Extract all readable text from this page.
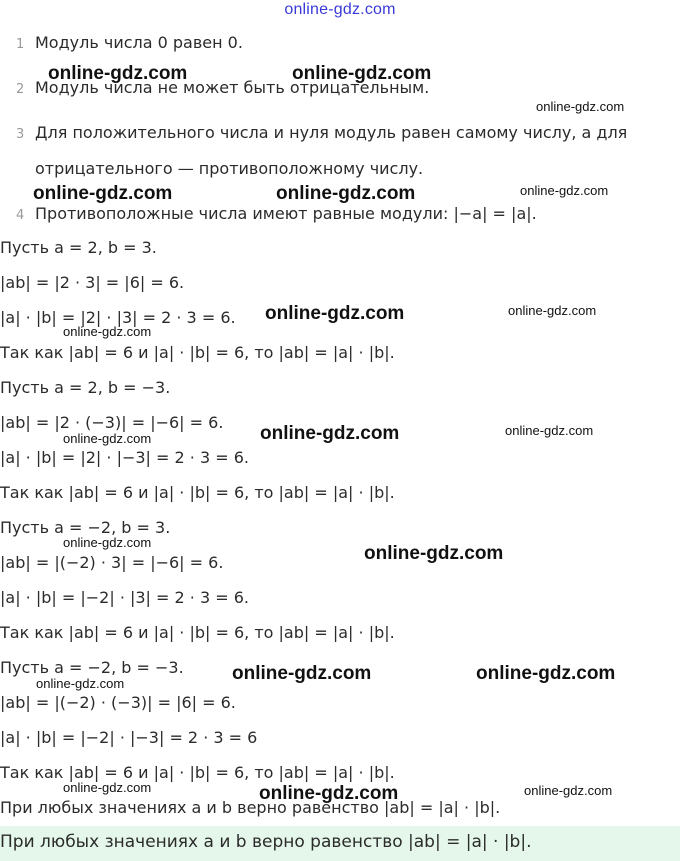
online-gdz.com
1 Модуль числа 0 равен 0.
2 Модуль числа не может быть отрицательным.
3 Для положительного числа и нуля модуль равен самому числу, а для
отрицательного — противоположному числу.
4 Противоположные числа имеют равные модули: |−a| = |a|.
Пусть a = 2, b = 3.
|ab| = |2 · 3| = |6| = 6.
|a| · |b| = |2| · |3| = 2 · 3 = 6.
Так как |ab| = 6 и |a| · |b| = 6, то |ab| = |a| · |b|.
Пусть a = 2, b = −3.
|ab| = |2 · (−3)| = |−6| = 6.
|a| · |b| = |2| · |−3| = 2 · 3 = 6.
Так как |ab| = 6 и |a| · |b| = 6, то |ab| = |a| · |b|.
Пусть a = −2, b = 3.
|ab| = |(−2) · 3| = |−6| = 6.
|a| · |b| = |−2| · |3| = 2 · 3 = 6.
Так как |ab| = 6 и |a| · |b| = 6, то |ab| = |a| · |b|.
Пусть a = −2, b = −3.
|ab| = |(−2) · (−3)| = |6| = 6.
|a| · |b| = |−2| · |−3| = 2 · 3 = 6
Так как |ab| = 6 и |a| · |b| = 6, то |ab| = |a| · |b|.
При любых значениях a и b верно равенство |ab| = |a| · |b|.
При любых значениях a и b верно равенство |ab| = |a| · |b|.
online-gdz.com	online-gdz.com
online-gdz.com	online-gdz.com
online-gdz.com
online-gdz.com
online-gdz.com
online-gdz.com	online-gdz.com
online-gdz.com
online-gdz.com
online-gdz.com
online-gdz.com
online-gdz.com
online-gdz.com
online-gdz.com
online-gdz.com
online-gdz.com
online-gdz.com	online-gdz.com
